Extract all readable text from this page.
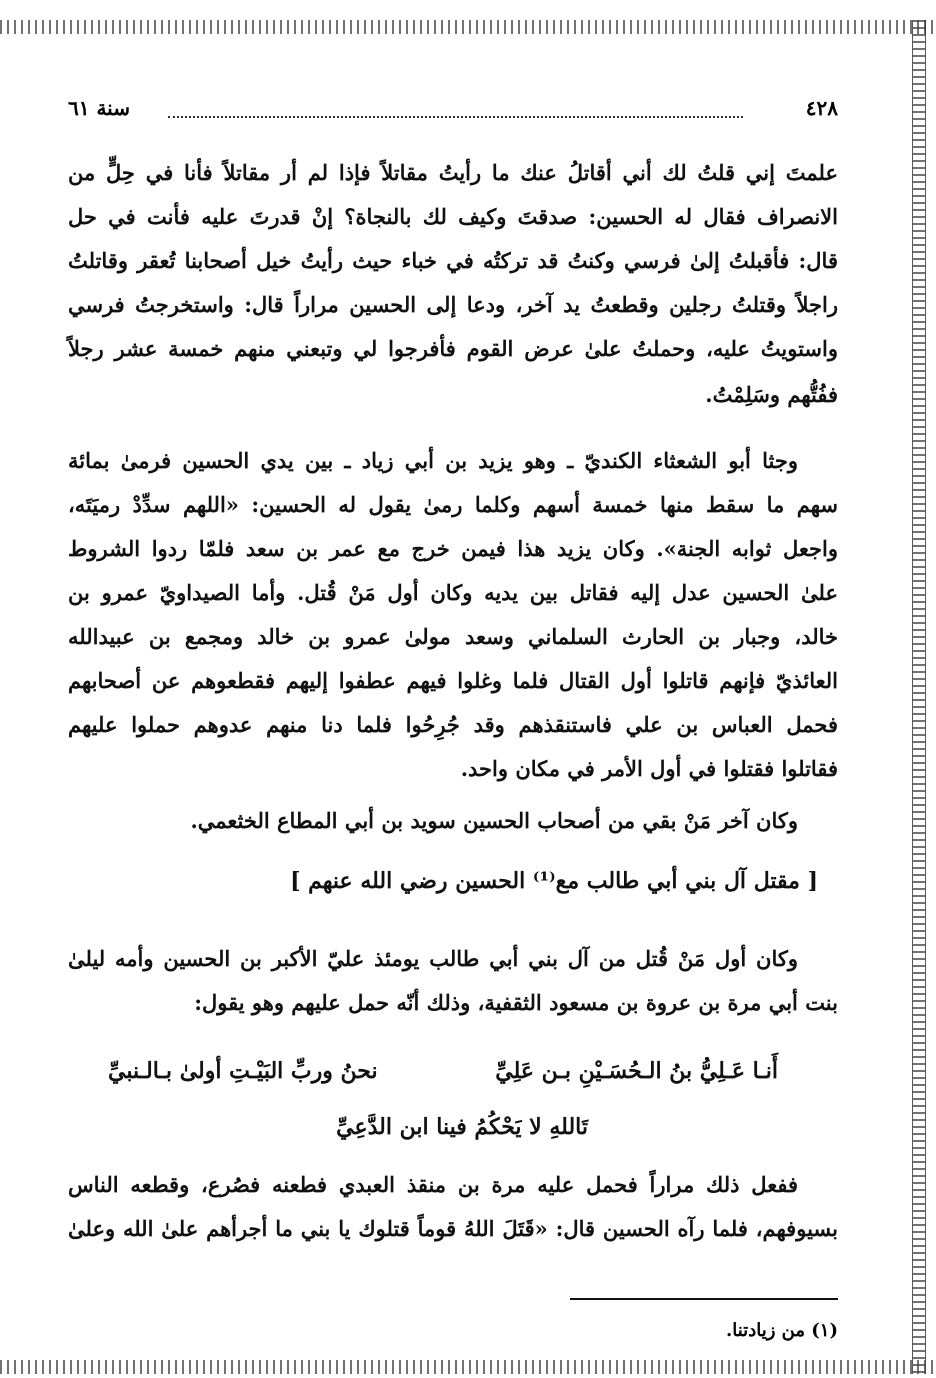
٤٢٨
سنة ٦١
علمتَ إني قلتُ لك أني أقاتلُ عنك ما رأيتُ مقاتلاً فإذا لم أر مقاتلاً فأنا في حِلٍّ من
الانصراف فقال له الحسين: صدقتَ وكيف لك بالنجاة؟ إنْ قدرتَ عليه فأنت في حل
قال: فأقبلتُ إلىٰ فرسي وكنتُ قد تركتُه في خباء حيث رأيتُ خيل أصحابنا تُعقر وقاتلتُ
راجلاً وقتلتُ رجلين وقطعتُ يد آخر، ودعا إلى الحسين مراراً قال: واستخرجتُ فرسي
واستويتُ عليه، وحملتُ علىٰ عرض القوم فأفرجوا لي وتبعني منهم خمسة عشر رجلاً
ففُتُّهم وسَلِمْتُ.
وجثا أبو الشعثاء الكنديّ ـ وهو يزيد بن أبي زياد ـ بين يدي الحسين فرمىٰ بمائة
سهم ما سقط منها خمسة أسهم وكلما رمىٰ يقول له الحسين: «اللهم سدِّدْ رميَتَه،
واجعل ثوابه الجنة». وكان يزيد هذا فيمن خرج مع عمر بن سعد فلمّا ردوا الشروط
علىٰ الحسين عدل إليه فقاتل بين يديه وكان أول مَنْ قُتل. وأما الصيداويّ عمرو بن
خالد، وجبار بن الحارث السلماني وسعد مولىٰ عمرو بن خالد ومجمع بن عبيدالله
العائذيّ فإنهم قاتلوا أول القتال فلما وغلوا فيهم عطفوا إليهم فقطعوهم عن أصحابهم
فحمل العباس بن علي فاستنقذهم وقد جُرِحُوا فلما دنا منهم عدوهم حملوا عليهم
فقاتلوا فقتلوا في أول الأمر في مكان واحد.
وكان آخر مَنْ بقي من أصحاب الحسين سويد بن أبي المطاع الخثعمي.
[ مقتل آل بني أبي طالب مع⁽¹⁾ الحسين رضي الله عنهم ]
وكان أول مَنْ قُتل من آل بني أبي طالب يومئذ عليّ الأكبر بن الحسين وأمه ليلىٰ
بنت أبي مرة بن عروة بن مسعود الثقفية، وذلك أنّه حمل عليهم وهو يقول:
أَنـا عَـلِيُّ بنُ الـحُسَـيْنِ بـن عَلِيِّ
نحنُ وربِّ البَيْـتِ أولىٰ بـالـنبيِّ
تَاللهِ لا يَحْكُمُ فينا ابن الدَّعِيِّ
ففعل ذلك مراراً فحمل عليه مرة بن منقذ العبدي فطعنه فصُرع، وقطعه الناس
بسيوفهم، فلما رآه الحسين قال: «قَتَلَ اللهُ قوماً قتلوك يا بني ما أجرأهم علىٰ الله وعلىٰ
(١) من زيادتنا.
